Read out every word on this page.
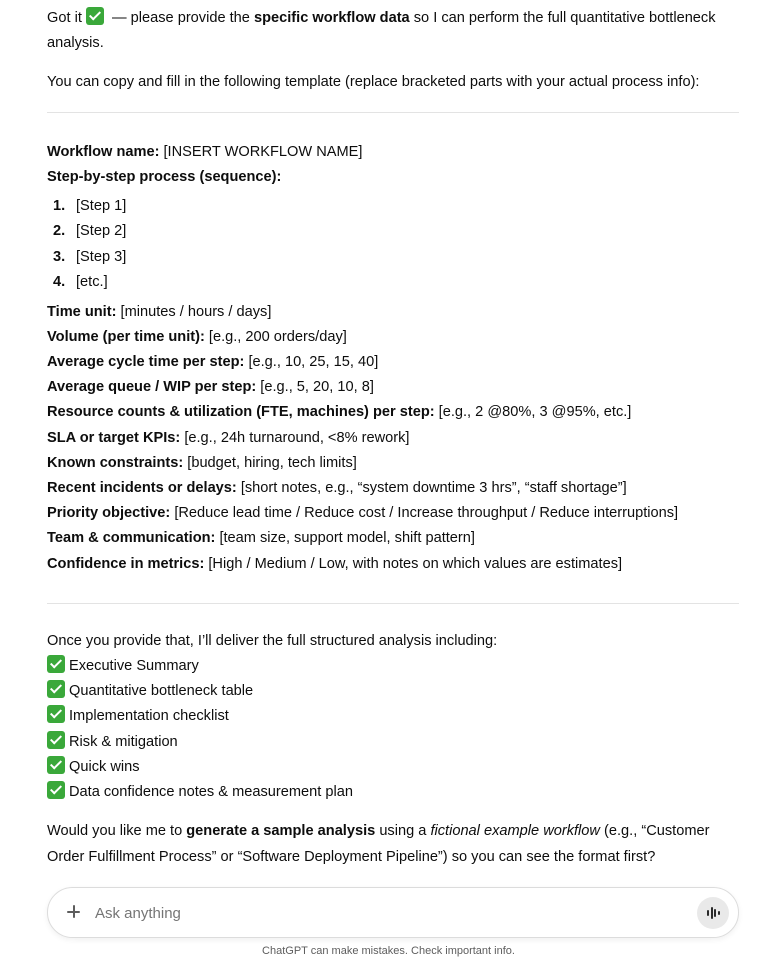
Got it  — please provide the specific workflow data so I can perform the full quantitative bottleneck analysis.

You can copy and fill in the following template (replace bracketed parts with your actual process info):

Workflow name: [INSERT WORKFLOW NAME]
Step-by-step process (sequence):
1. [Step 1]
2. [Step 2]
3. [Step 3]
4. [etc.]
Time unit: [minutes / hours / days]
Volume (per time unit): [e.g., 200 orders/day]
Average cycle time per step: [e.g., 10, 25, 15, 40]
Average queue / WIP per step: [e.g., 5, 20, 10, 8]
Resource counts & utilization (FTE, machines) per step: [e.g., 2 @80%, 3 @95%, etc.]
SLA or target KPIs: [e.g., 24h turnaround, <8% rework]
Known constraints: [budget, hiring, tech limits]
Recent incidents or delays: [short notes, e.g., “system downtime 3 hrs”, “staff shortage”]
Priority objective: [Reduce lead time / Reduce cost / Increase throughput / Reduce interruptions]
Team & communication: [team size, support model, shift pattern]
Confidence in metrics: [High / Medium / Low, with notes on which values are estimates]

Once you provide that, I’ll deliver the full structured analysis including:

Executive Summary
Quantitative bottleneck table
Implementation checklist
Risk & mitigation
Quick wins
Data confidence notes & measurement plan

Would you like me to generate a sample analysis using a fictional example workflow (e.g., “Customer Order Fulfillment Process” or “Software Deployment Pipeline”) so you can see the format first?

Ask anything
ChatGPT can make mistakes. Check important info.
